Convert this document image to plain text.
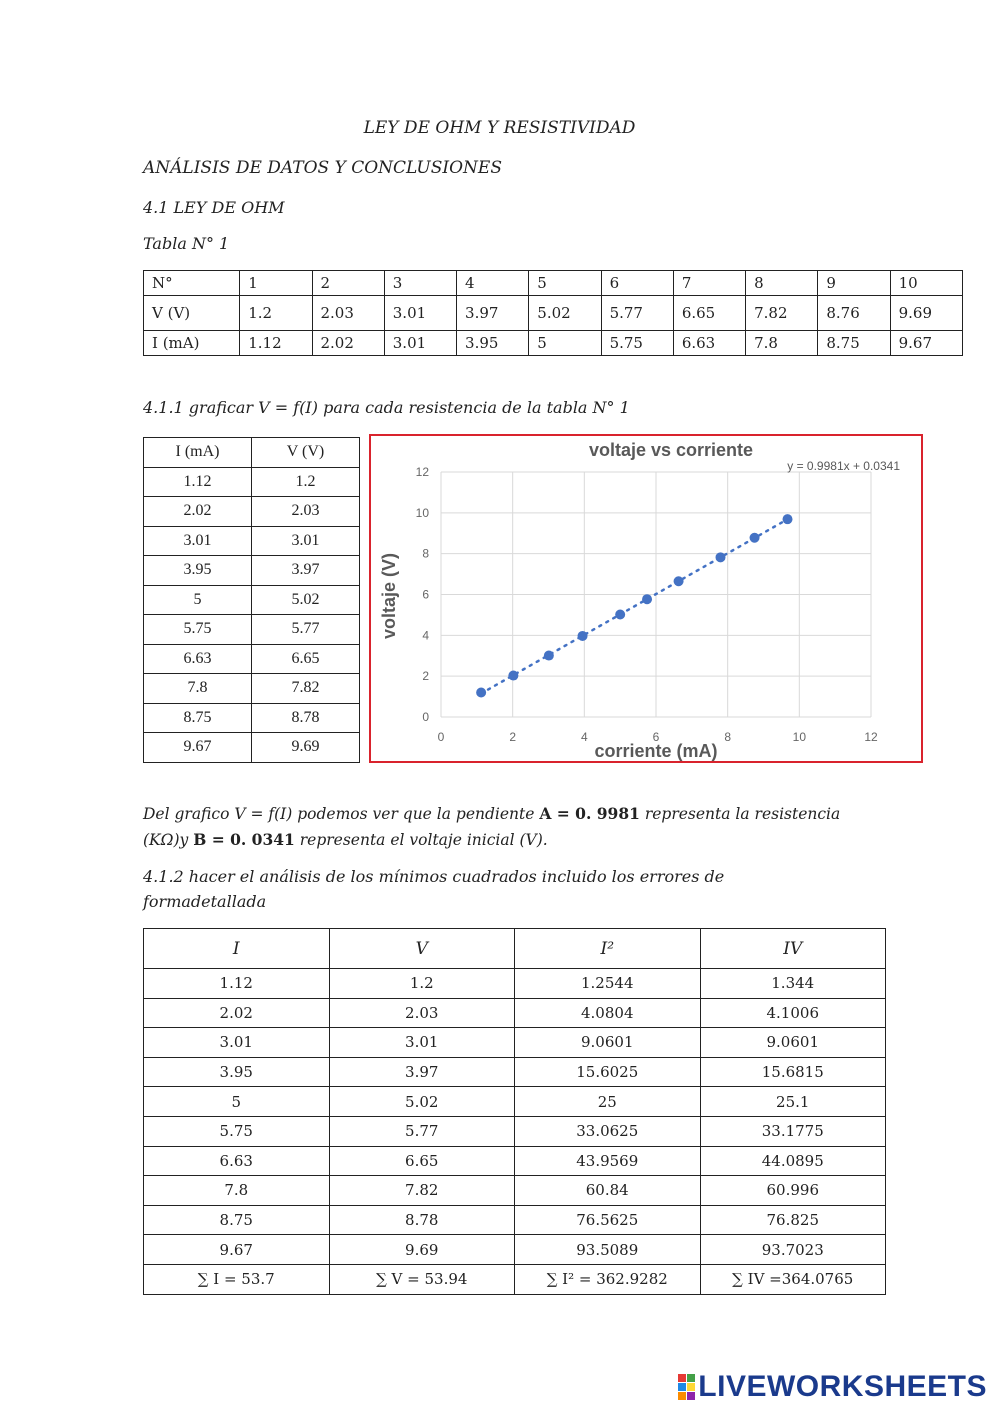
LEY DE OHM Y RESISTIVIDAD
ANÁLISIS DE DATOS Y CONCLUSIONES
4.1 LEY DE OHM
Tabla N° 1
N°	1	2	3	4	5	6	7	8	9	10
V (V)	1.2	2.03	3.01	3.97	5.02	5.77	6.65	7.82	8.76	9.69
I (mA)	1.12	2.02	3.01	3.95	5	5.75	6.63	7.8	8.75	9.67
4.1.1 graficar V = f(I) para cada resistencia de la tabla N° 1
I (mA)	V (V)
1.12	1.2
2.02	2.03
3.01	3.01
3.95	3.97
5	5.02
5.75	5.77
6.63	6.65
7.8	7.82
8.75	8.78
9.67	9.69
0	2	4	6	8	10	12
0
2
4
6
8
10
12
voltaje vs corriente
y = 0.9981x + 0.0341
corriente (mA)
voltaje (V)
Del grafico V = f(I) podemos ver que la pendiente A = 0. 9981 representa la resistencia (KΩ)y B = 0. 0341 representa el voltaje inicial (V).
4.1.2 hacer el análisis de los mínimos cuadrados incluido los errores de formadetallada
I	V	I²	IV
1.12	1.2	1.2544	1.344
2.02	2.03	4.0804	4.1006
3.01	3.01	9.0601	9.0601
3.95	3.97	15.6025	15.6815
5	5.02	25	25.1
5.75	5.77	33.0625	33.1775
6.63	6.65	43.9569	44.0895
7.8	7.82	60.84	60.996
8.75	8.78	76.5625	76.825
9.67	9.69	93.5089	93.7023
∑ I = 53.7	∑ V = 53.94	∑ I² = 362.9282	∑ IV =364.0765
LIVEWORKSHEETS
